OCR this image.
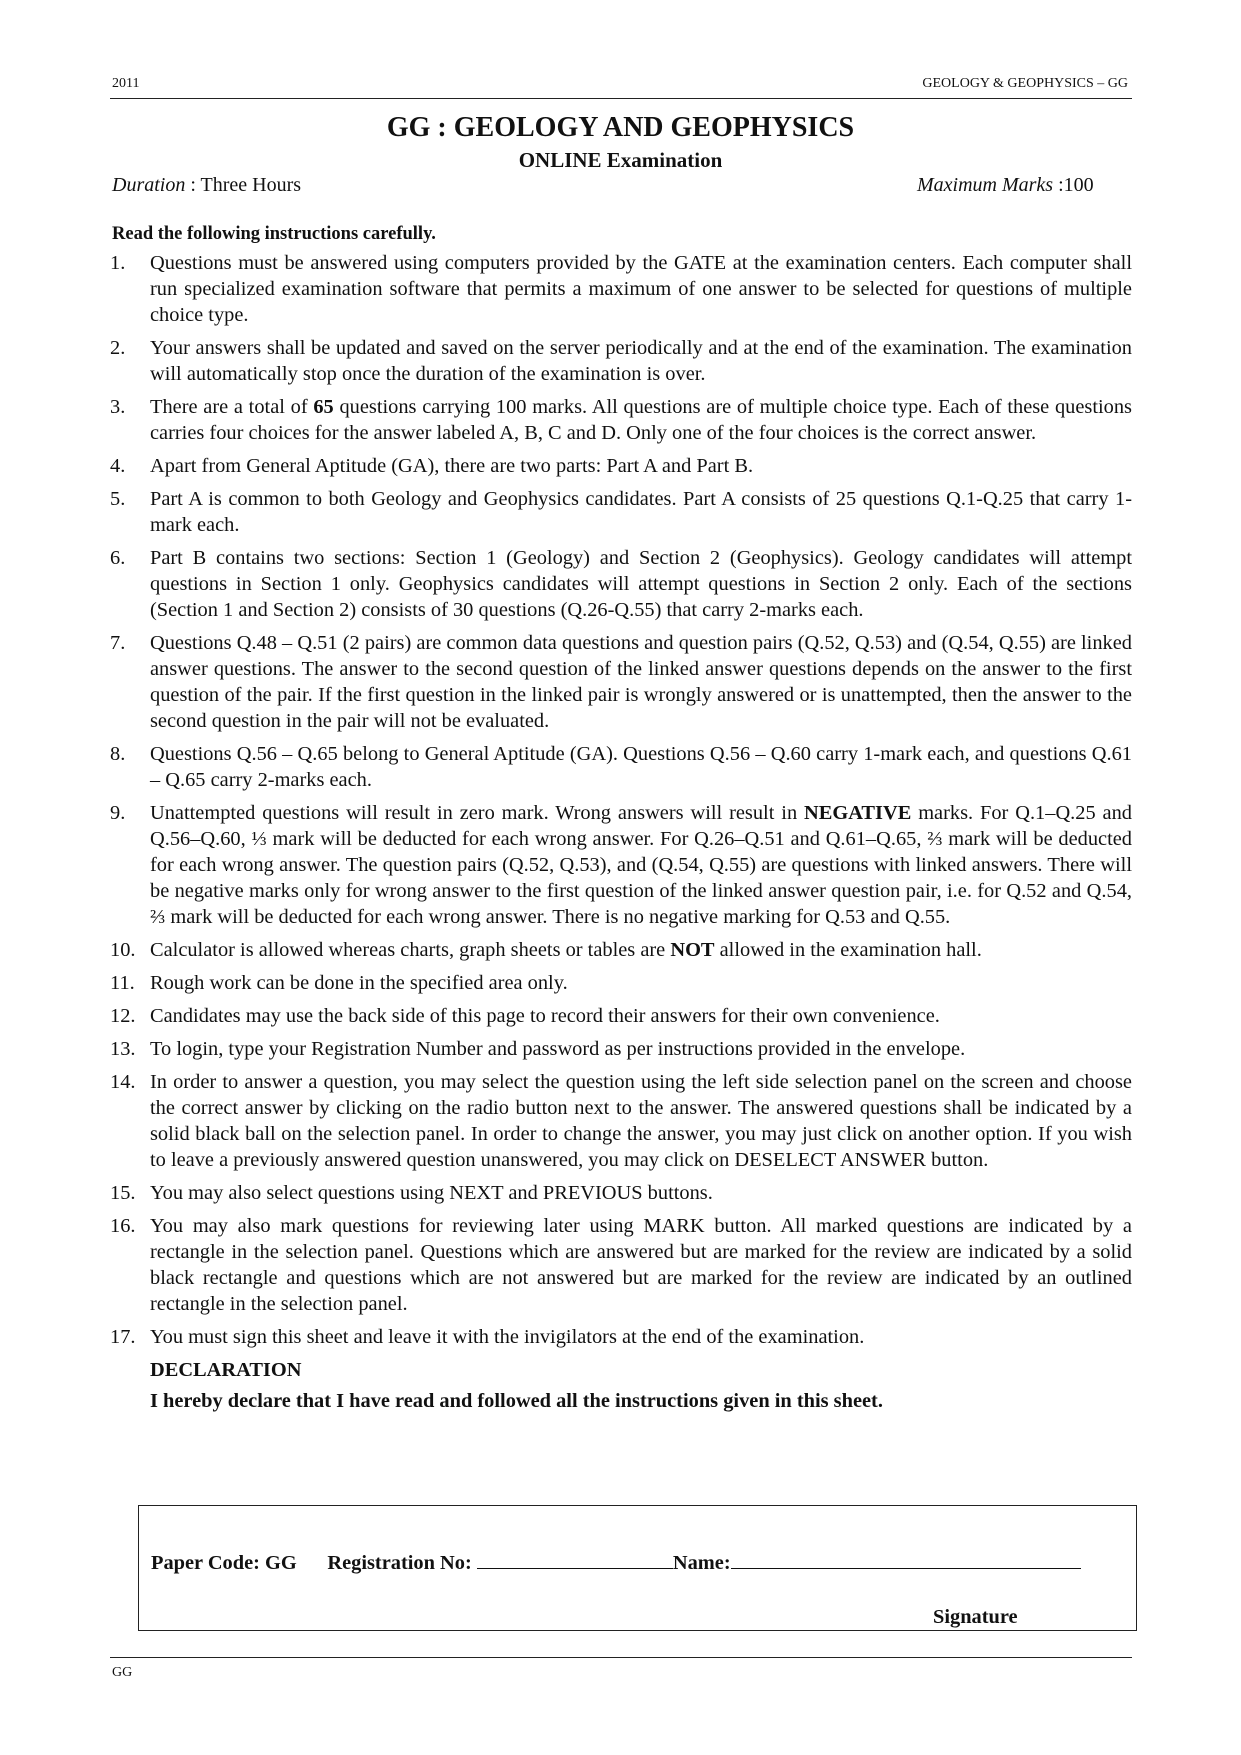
2011	GEOLOGY & GEOPHYSICS – GG
GG : GEOLOGY AND GEOPHYSICS
ONLINE Examination
Duration : Three Hours	Maximum Marks :100
Read the following instructions carefully.
1. Questions must be answered using computers provided by the GATE at the examination centers. Each computer shall run specialized examination software that permits a maximum of one answer to be selected for questions of multiple choice type.
2. Your answers shall be updated and saved on the server periodically and at the end of the examination. The examination will automatically stop once the duration of the examination is over.
3. There are a total of 65 questions carrying 100 marks. All questions are of multiple choice type. Each of these questions carries four choices for the answer labeled A, B, C and D. Only one of the four choices is the correct answer.
4. Apart from General Aptitude (GA), there are two parts: Part A and Part B.
5. Part A is common to both Geology and Geophysics candidates. Part A consists of 25 questions Q.1-Q.25 that carry 1-mark each.
6. Part B contains two sections: Section 1 (Geology) and Section 2 (Geophysics). Geology candidates will attempt questions in Section 1 only. Geophysics candidates will attempt questions in Section 2 only. Each of the sections (Section 1 and Section 2) consists of 30 questions (Q.26-Q.55) that carry 2-marks each.
7. Questions Q.48 – Q.51 (2 pairs) are common data questions and question pairs (Q.52, Q.53) and (Q.54, Q.55) are linked answer questions. The answer to the second question of the linked answer questions depends on the answer to the first question of the pair. If the first question in the linked pair is wrongly answered or is unattempted, then the answer to the second question in the pair will not be evaluated.
8. Questions Q.56 – Q.65 belong to General Aptitude (GA). Questions Q.56 – Q.60 carry 1-mark each, and questions Q.61 – Q.65 carry 2-marks each.
9. Unattempted questions will result in zero mark. Wrong answers will result in NEGATIVE marks. For Q.1–Q.25 and Q.56–Q.60, ⅓ mark will be deducted for each wrong answer. For Q.26–Q.51 and Q.61–Q.65, ⅔ mark will be deducted for each wrong answer. The question pairs (Q.52, Q.53), and (Q.54, Q.55) are questions with linked answers. There will be negative marks only for wrong answer to the first question of the linked answer question pair, i.e. for Q.52 and Q.54, ⅔ mark will be deducted for each wrong answer. There is no negative marking for Q.53 and Q.55.
10. Calculator is allowed whereas charts, graph sheets or tables are NOT allowed in the examination hall.
11. Rough work can be done in the specified area only.
12. Candidates may use the back side of this page to record their answers for their own convenience.
13. To login, type your Registration Number and password as per instructions provided in the envelope.
14. In order to answer a question, you may select the question using the left side selection panel on the screen and choose the correct answer by clicking on the radio button next to the answer. The answered questions shall be indicated by a solid black ball on the selection panel. In order to change the answer, you may just click on another option. If you wish to leave a previously answered question unanswered, you may click on DESELECT ANSWER button.
15. You may also select questions using NEXT and PREVIOUS buttons.
16. You may also mark questions for reviewing later using MARK button. All marked questions are indicated by a rectangle in the selection panel. Questions which are answered but are marked for the review are indicated by a solid black rectangle and questions which are not answered but are marked for the review are indicated by an outlined rectangle in the selection panel.
17. You must sign this sheet and leave it with the invigilators at the end of the examination.
DECLARATION
I hereby declare that I have read and followed all the instructions given in this sheet.
Paper Code: GG Registration No:	Name:
Signature
GG
